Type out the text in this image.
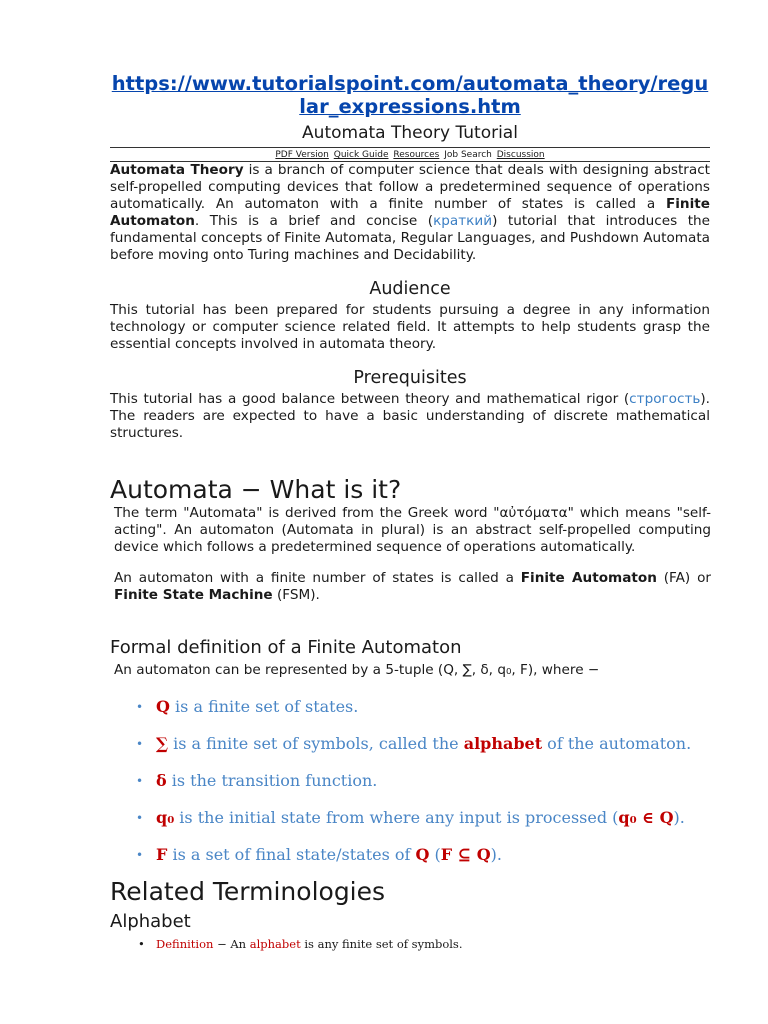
https://www.tutorialspoint.com/automata_theory/regular_expressions.htm
Automata Theory Tutorial
PDF Version Quick Guide Resources Job Search Discussion

Automata Theory is a branch of computer science that deals with designing abstract self-propelled computing devices that follow a predetermined sequence of operations automatically. An automaton with a finite number of states is called a Finite Automaton. This is a brief and concise (краткий) tutorial that introduces the fundamental concepts of Finite Automata, Regular Languages, and Pushdown Automata before moving onto Turing machines and Decidability.

Audience

This tutorial has been prepared for students pursuing a degree in any information technology or computer science related field. It attempts to help students grasp the essential concepts involved in automata theory.

Prerequisites

This tutorial has a good balance between theory and mathematical rigor (строгость). The readers are expected to have a basic understanding of discrete mathematical structures.

Automata − What is it?

The term "Automata" is derived from the Greek word "αὐτόματα" which means "self-acting". An automaton (Automata in plural) is an abstract self-propelled computing device which follows a predetermined sequence of operations automatically.

An automaton with a finite number of states is called a Finite Automaton (FA) or Finite State Machine (FSM).

Formal definition of a Finite Automaton

An automaton can be represented by a 5-tuple (Q, ∑, δ, q₀, F), where −

• Q is a finite set of states.
• ∑ is a finite set of symbols, called the alphabet of the automaton.
• δ is the transition function.
• q₀ is the initial state from where any input is processed (q₀ ∈ Q).
• F is a set of final state/states of Q (F ⊆ Q).
Related Terminologies
Alphabet
• Definition − An alphabet is any finite set of symbols.
